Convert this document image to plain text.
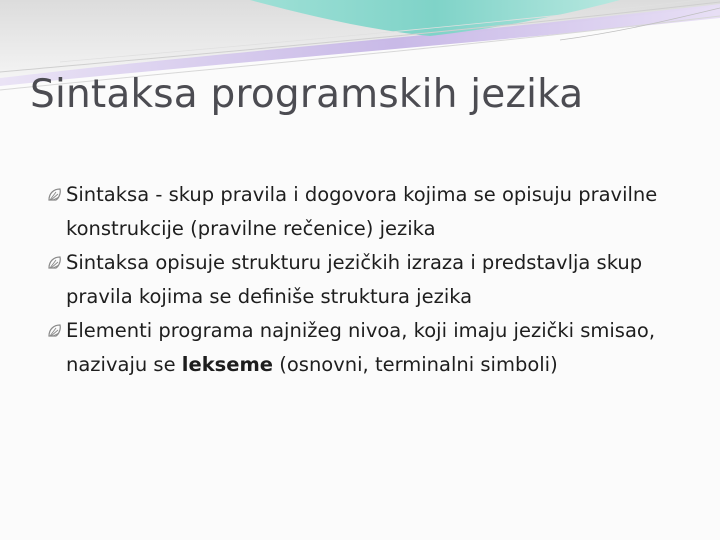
Sintaksa programskih jezika
Sintaksa - skup pravila i dogovora kojima se opisuju pravilne konstrukcije (pravilne rečenice) jezika
Sintaksa opisuje strukturu jezičkih izraza i predstavlja skup pravila kojima se definiše struktura jezika
Elementi programa najnižeg nivoa, koji imaju jezički smisao, nazivaju se lekseme (osnovni, terminalni simboli)
